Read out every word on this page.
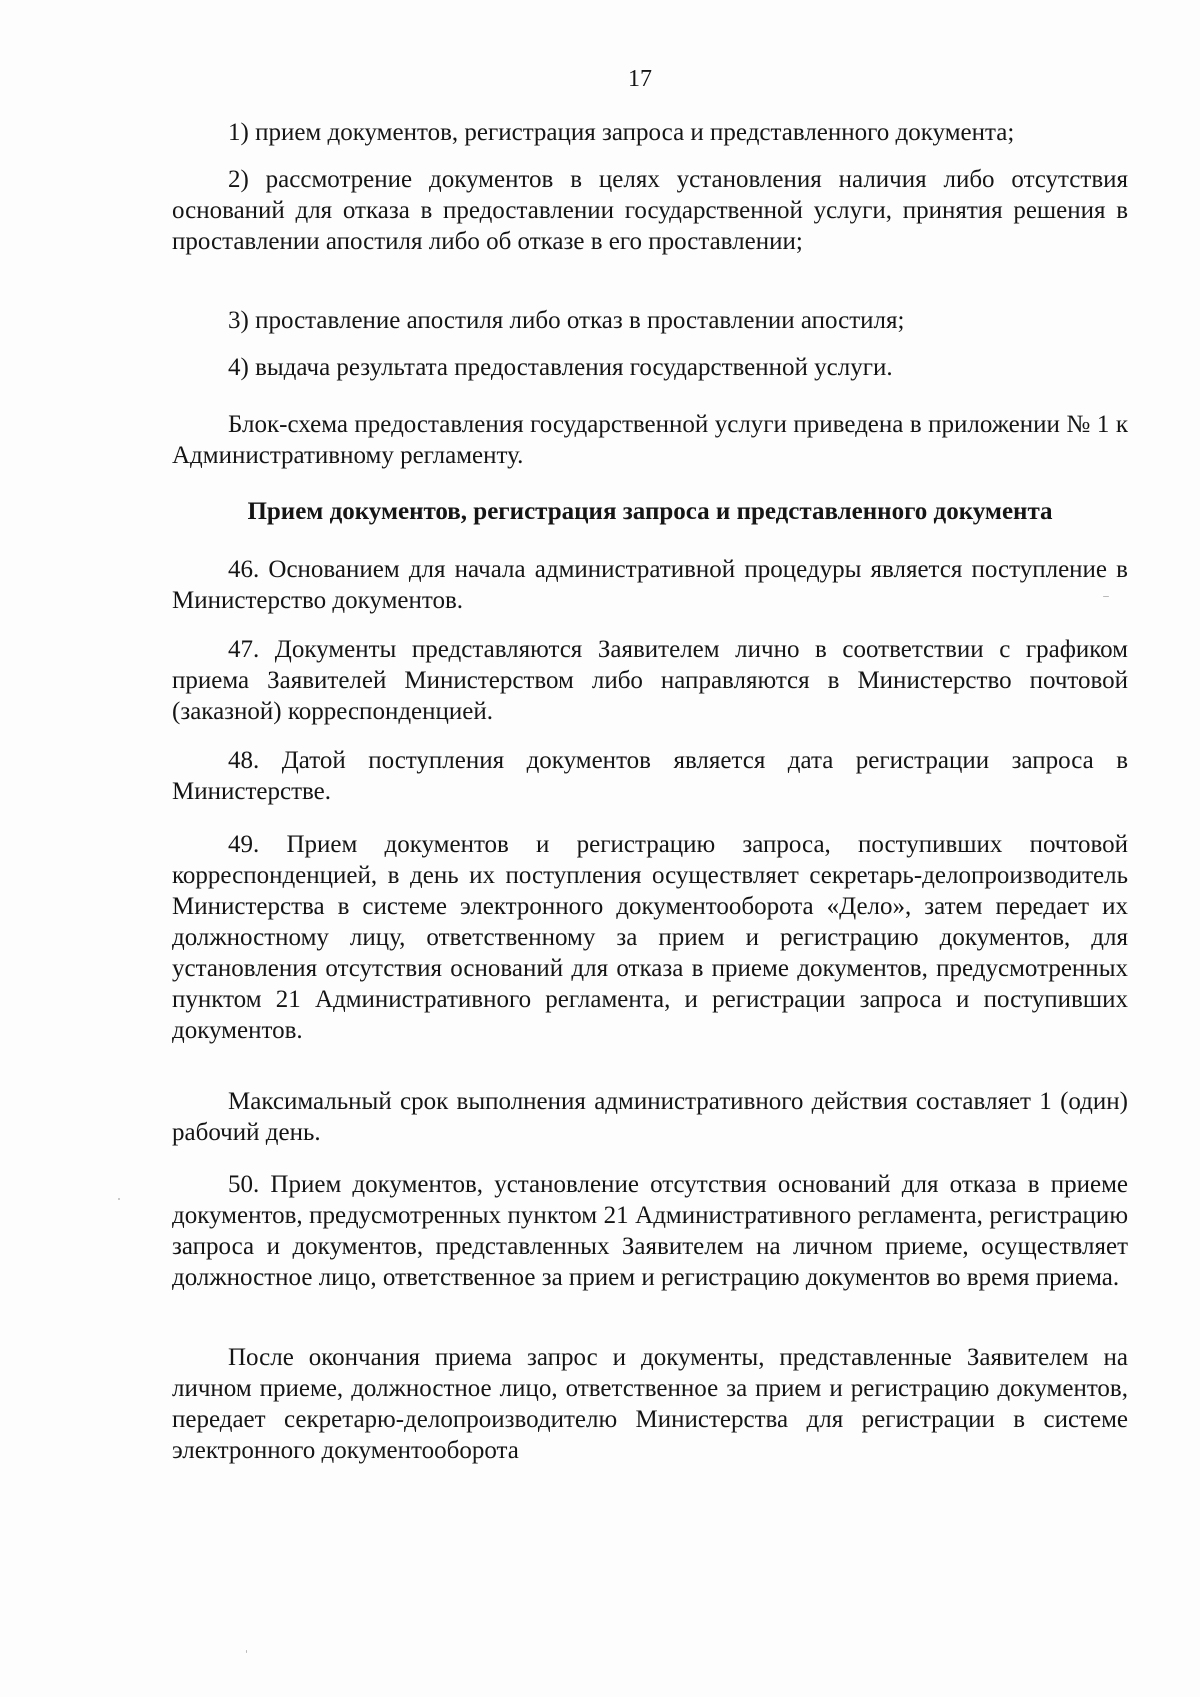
17

1) прием документов, регистрация запроса и представленного документа;

2) рассмотрение документов в целях установления наличия либо отсутствия оснований для отказа в предоставлении государственной услуги, принятия решения в проставлении апостиля либо об отказе в его проставлении;

3) проставление апостиля либо отказ в проставлении апостиля;

4) выдача результата предоставления государственной услуги.

Блок-схема предоставления государственной услуги приведена в приложении № 1 к Административному регламенту.

Прием документов, регистрация запроса и представленного документа

46. Основанием для начала административной процедуры является поступление в Министерство документов.

47. Документы представляются Заявителем лично в соответствии с графиком приема Заявителей Министерством либо направляются в Министерство почтовой (заказной) корреспонденцией.

48. Датой поступления документов является дата регистрации запроса в Министерстве.

49. Прием документов и регистрацию запроса, поступивших почтовой корреспонденцией, в день их поступления осуществляет секретарь-делопроизводитель Министерства в системе электронного документооборота «Дело», затем передает их должностному лицу, ответственному за прием и регистрацию документов, для установления отсутствия оснований для отказа в приеме документов, предусмотренных пунктом 21 Административного регламента, и регистрации запроса и поступивших документов.

Максимальный срок выполнения административного действия составляет 1 (один) рабочий день.

50. Прием документов, установление отсутствия оснований для отказа в приеме документов, предусмотренных пунктом 21 Административного регламента, регистрацию запроса и документов, представленных Заявителем на личном приеме, осуществляет должностное лицо, ответственное за прием и регистрацию документов во время приема.

После окончания приема запрос и документы, представленные Заявителем на личном приеме, должностное лицо, ответственное за прием и регистрацию документов, передает секретарю-делопроизводителю Министерства для регистрации в системе электронного документооборота
